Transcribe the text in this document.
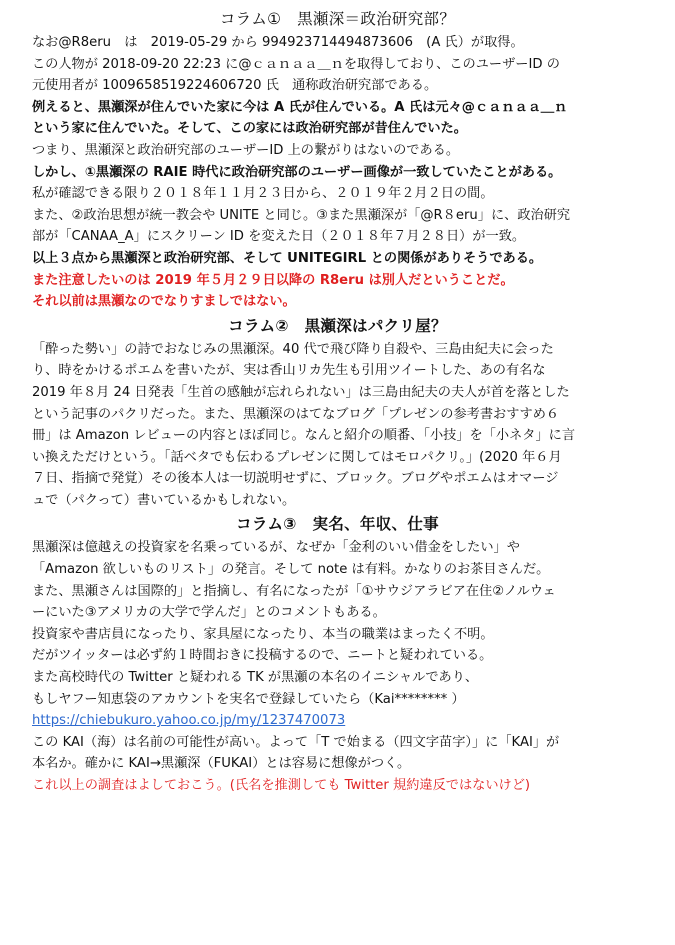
コラム①　黒瀬深＝政治研究部？
なお@R8eru　は　2019-05-29 から 994923714494873606　(A 氏）が取得。
この人物が 2018-09-20 22:23 に@ｃａｎａａ＿ｎを取得しており、このユーザーID の
元使用者が 1009658519224606720 氏　通称政治研究部である。
例えると、黒瀬深が住んでいた家に今は A 氏が住んでいる。A 氏は元々@ｃａｎａａ＿ｎ
という家に住んでいた。そして、この家には政治研究部が昔住んでいた。
つまり、黒瀬深と政治研究部のユーザーID 上の繋がりはないのである。
しかし、①黒瀬深の RAIE 時代に政治研究部のユーザー画像が一致していたことがある。
私が確認できる限り２０１８年１１月２３日から、２０１９年２月２日の間。
また、②政治思想が統一教会や UNITE と同じ。③また黒瀬深が「@R８eru」に、政治研究
部が「CANAA_A」にスクリーン ID を変えた日（２０１８年７月２８日）が一致。
以上３点から黒瀬深と政治研究部、そして UNITEGIRL との関係がありそうである。
また注意したいのは 2019 年５月２９日以降の R8eru は別人だということだ。
それ以前は黒瀬なのでなりすましではない。
コラム②　黒瀬深はパクリ屋？
「酔った勢い」の詩でおなじみの黒瀬深。40 代で飛び降り自殺や、三島由紀夫に会った
り、時をかけるポエムを書いたが、実は香山リカ先生も引用ツイートした、あの有名な
2019 年８月 24 日発表「生首の感触が忘れられない」は三島由紀夫の夫人が首を落とした
という記事のパクリだった。また、黒瀬深のはてなブログ「プレゼンの参考書おすすめ６
冊」は Amazon レビューの内容とほぼ同じ。なんと紹介の順番、「小技」を「小ネタ」に言
い換えただけという。「話ベタでも伝わるプレゼンに関してはモロパクリ。」(2020 年６月
７日、指摘で発覚）その後本人は一切説明せずに、ブロック。ブログやポエムはオマージ
ュで（パクって）書いているかもしれない。
コラム③　実名、年収、仕事
黒瀬深は億越えの投資家を名乗っているが、なぜか「金利のいい借金をしたい」や
「Amazon 欲しいものリスト」の発言。そして note は有料。かなりのお茶目さんだ。
また、黒瀬さんは国際的」と指摘し、有名になったが「①サウジアラビア在住②ノルウェ
ーにいた③アメリカの大学で学んだ」とのコメントもある。
投資家や書店員になったり、家具屋になったり、本当の職業はまったく不明。
だがツイッターは必ず約１時間おきに投稿するので、ニートと疑われている。
また高校時代の Twitter と疑われる TK が黒瀬の本名のイニシャルであり、
もしヤフー知恵袋のアカウントを実名で登録していたら（Kai******** ）
https://chiebukuro.yahoo.co.jp/my/1237470073
この KAI（海）は名前の可能性が高い。よって「T で始まる（四文字苗字）」に「KAI」が
本名か。確かに KAI→黒瀬深（FUKAI）とは容易に想像がつく。
これ以上の調査はよしておこう。(氏名を推測しても Twitter 規約違反ではないけど)
